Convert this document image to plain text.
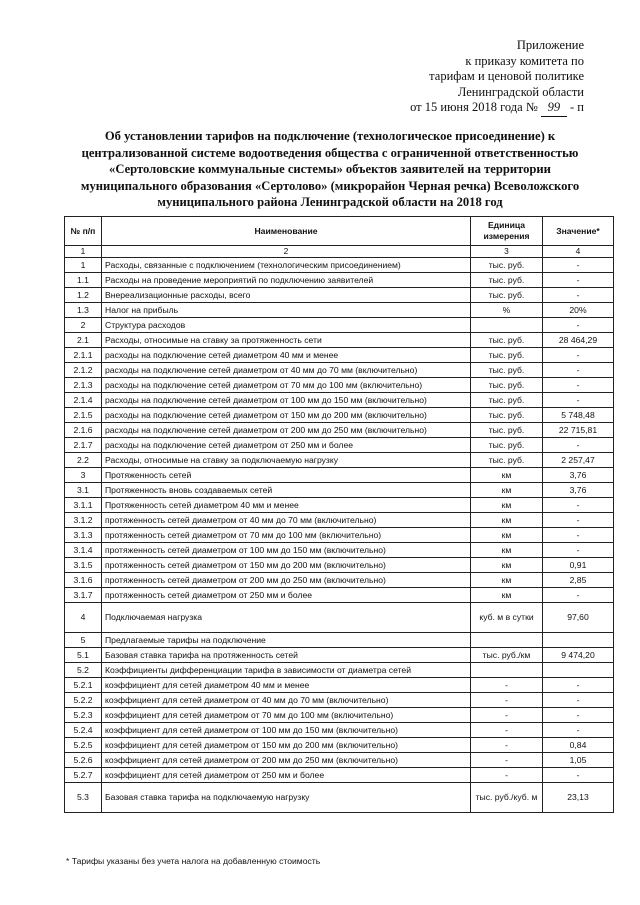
Приложение
к приказу комитета по
тарифам и ценовой политике
Ленинградской области
от 15 июня 2018 года № 99 - п
Об установлении тарифов на подключение (технологическое присоединение) к
централизованной системе водоотведения общества с ограниченной ответственностью
«Сертоловские коммунальные системы» объектов заявителей на территории
муниципального образования «Сертолово» (микрорайон Черная речка) Всеволожского
муниципального района Ленинградской области на 2018 год
№ п/п	Наименование	Единица измерения	Значение*
1	2	3	4
1	Расходы, связанные с подключением (технологическим присоединением)	тыс. руб.	-
1.1	Расходы на проведение мероприятий по подключению заявителей	тыс. руб.	-
1.2	Внереализационные расходы, всего	тыс. руб.	-
1.3	Налог на прибыль	%	20%
2	Структура расходов		-
2.1	Расходы, относимые на ставку за протяженность сети	тыс. руб.	28 464,29
2.1.1	расходы на подключение сетей диаметром 40 мм и менее	тыс. руб.	-
2.1.2	расходы на подключение сетей диаметром от 40 мм до 70 мм (включительно)	тыс. руб.	-
2.1.3	расходы на подключение сетей диаметром от 70 мм до 100 мм (включительно)	тыс. руб.	-
2.1.4	расходы на подключение сетей диаметром от 100 мм до 150 мм (включительно)	тыс. руб.	-
2.1.5	расходы на подключение сетей диаметром от 150 мм до 200 мм (включительно)	тыс. руб.	5 748,48
2.1.6	расходы на подключение сетей диаметром от 200 мм до 250 мм (включительно)	тыс. руб.	22 715,81
2.1.7	расходы на подключение сетей диаметром от 250 мм и более	тыс. руб.	-
2.2	Расходы, относимые на ставку за подключаемую нагрузку	тыс. руб.	2 257,47
3	Протяженность сетей	км	3,76
3.1	Протяженность вновь создаваемых сетей	км	3,76
3.1.1	Протяженность сетей диаметром 40 мм и менее	км	-
3.1.2	протяженность сетей диаметром от 40 мм до 70 мм (включительно)	км	-
3.1.3	протяженность сетей диаметром от 70 мм до 100 мм (включительно)	км	-
3.1.4	протяженность сетей диаметром от 100 мм до 150 мм (включительно)	км	-
3.1.5	протяженность сетей диаметром от 150 мм до 200 мм (включительно)	км	0,91
3.1.6	протяженность сетей диаметром от 200 мм до 250 мм (включительно)	км	2,85
3.1.7	протяженность сетей диаметром от 250 мм и более	км	-
4	Подключаемая нагрузка	куб. м в сутки	97,60
5	Предлагаемые тарифы на подключение		
5.1	Базовая ставка тарифа на протяженность сетей	тыс. руб./км	9 474,20
5.2	Коэффициенты дифференциации тарифа в зависимости от диаметра сетей		
5.2.1	коэффициент для сетей диаметром 40 мм и менее	-	-
5.2.2	коэффициент для сетей диаметром от 40 мм до 70 мм (включительно)	-	-
5.2.3	коэффициент для сетей диаметром от 70 мм до 100 мм (включительно)	-	-
5.2.4	коэффициент для сетей диаметром от 100 мм до 150 мм (включительно)	-	-
5.2.5	коэффициент для сетей диаметром от 150 мм до 200 мм (включительно)	-	0,84
5.2.6	коэффициент для сетей диаметром от 200 мм до 250 мм (включительно)	-	1,05
5.2.7	коэффициент для сетей диаметром от 250 мм и более	-	-
5.3	Базовая ставка тарифа на подключаемую нагрузку	тыс. руб./куб. м	23,13
* Тарифы указаны без учета налога на добавленную стоимость
